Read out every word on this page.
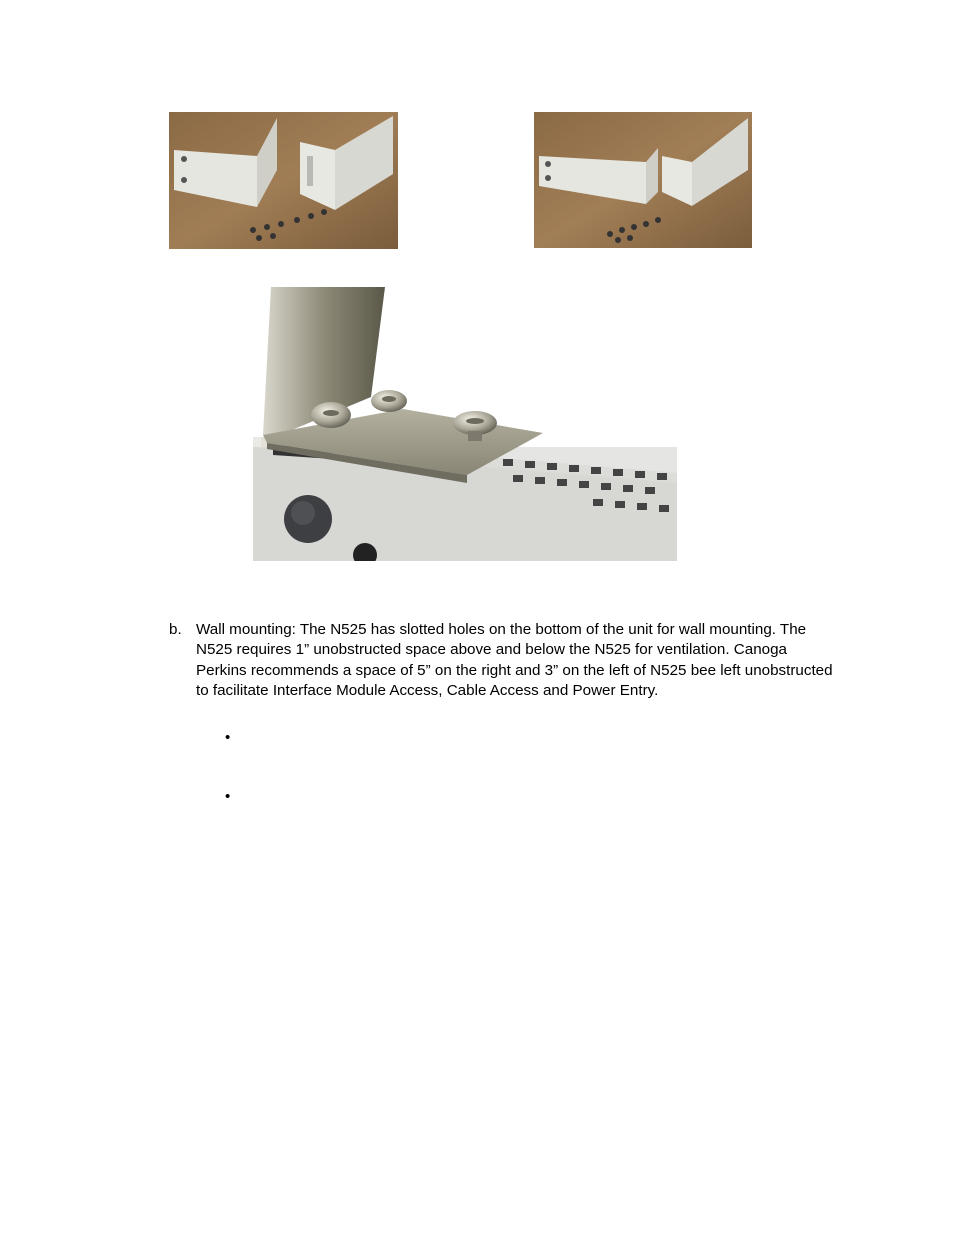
b. Wall mounting: The N525 has slotted holes on the bottom of the unit for wall mounting. The N525 requires 1” unobstructed space above and below the N525 for ventilation. Canoga Perkins recommends a space of 5” on the right and 3” on the left of N525 bee left unobstructed to facilitate Interface Module Access, Cable Access and Power Entry.
•
•
